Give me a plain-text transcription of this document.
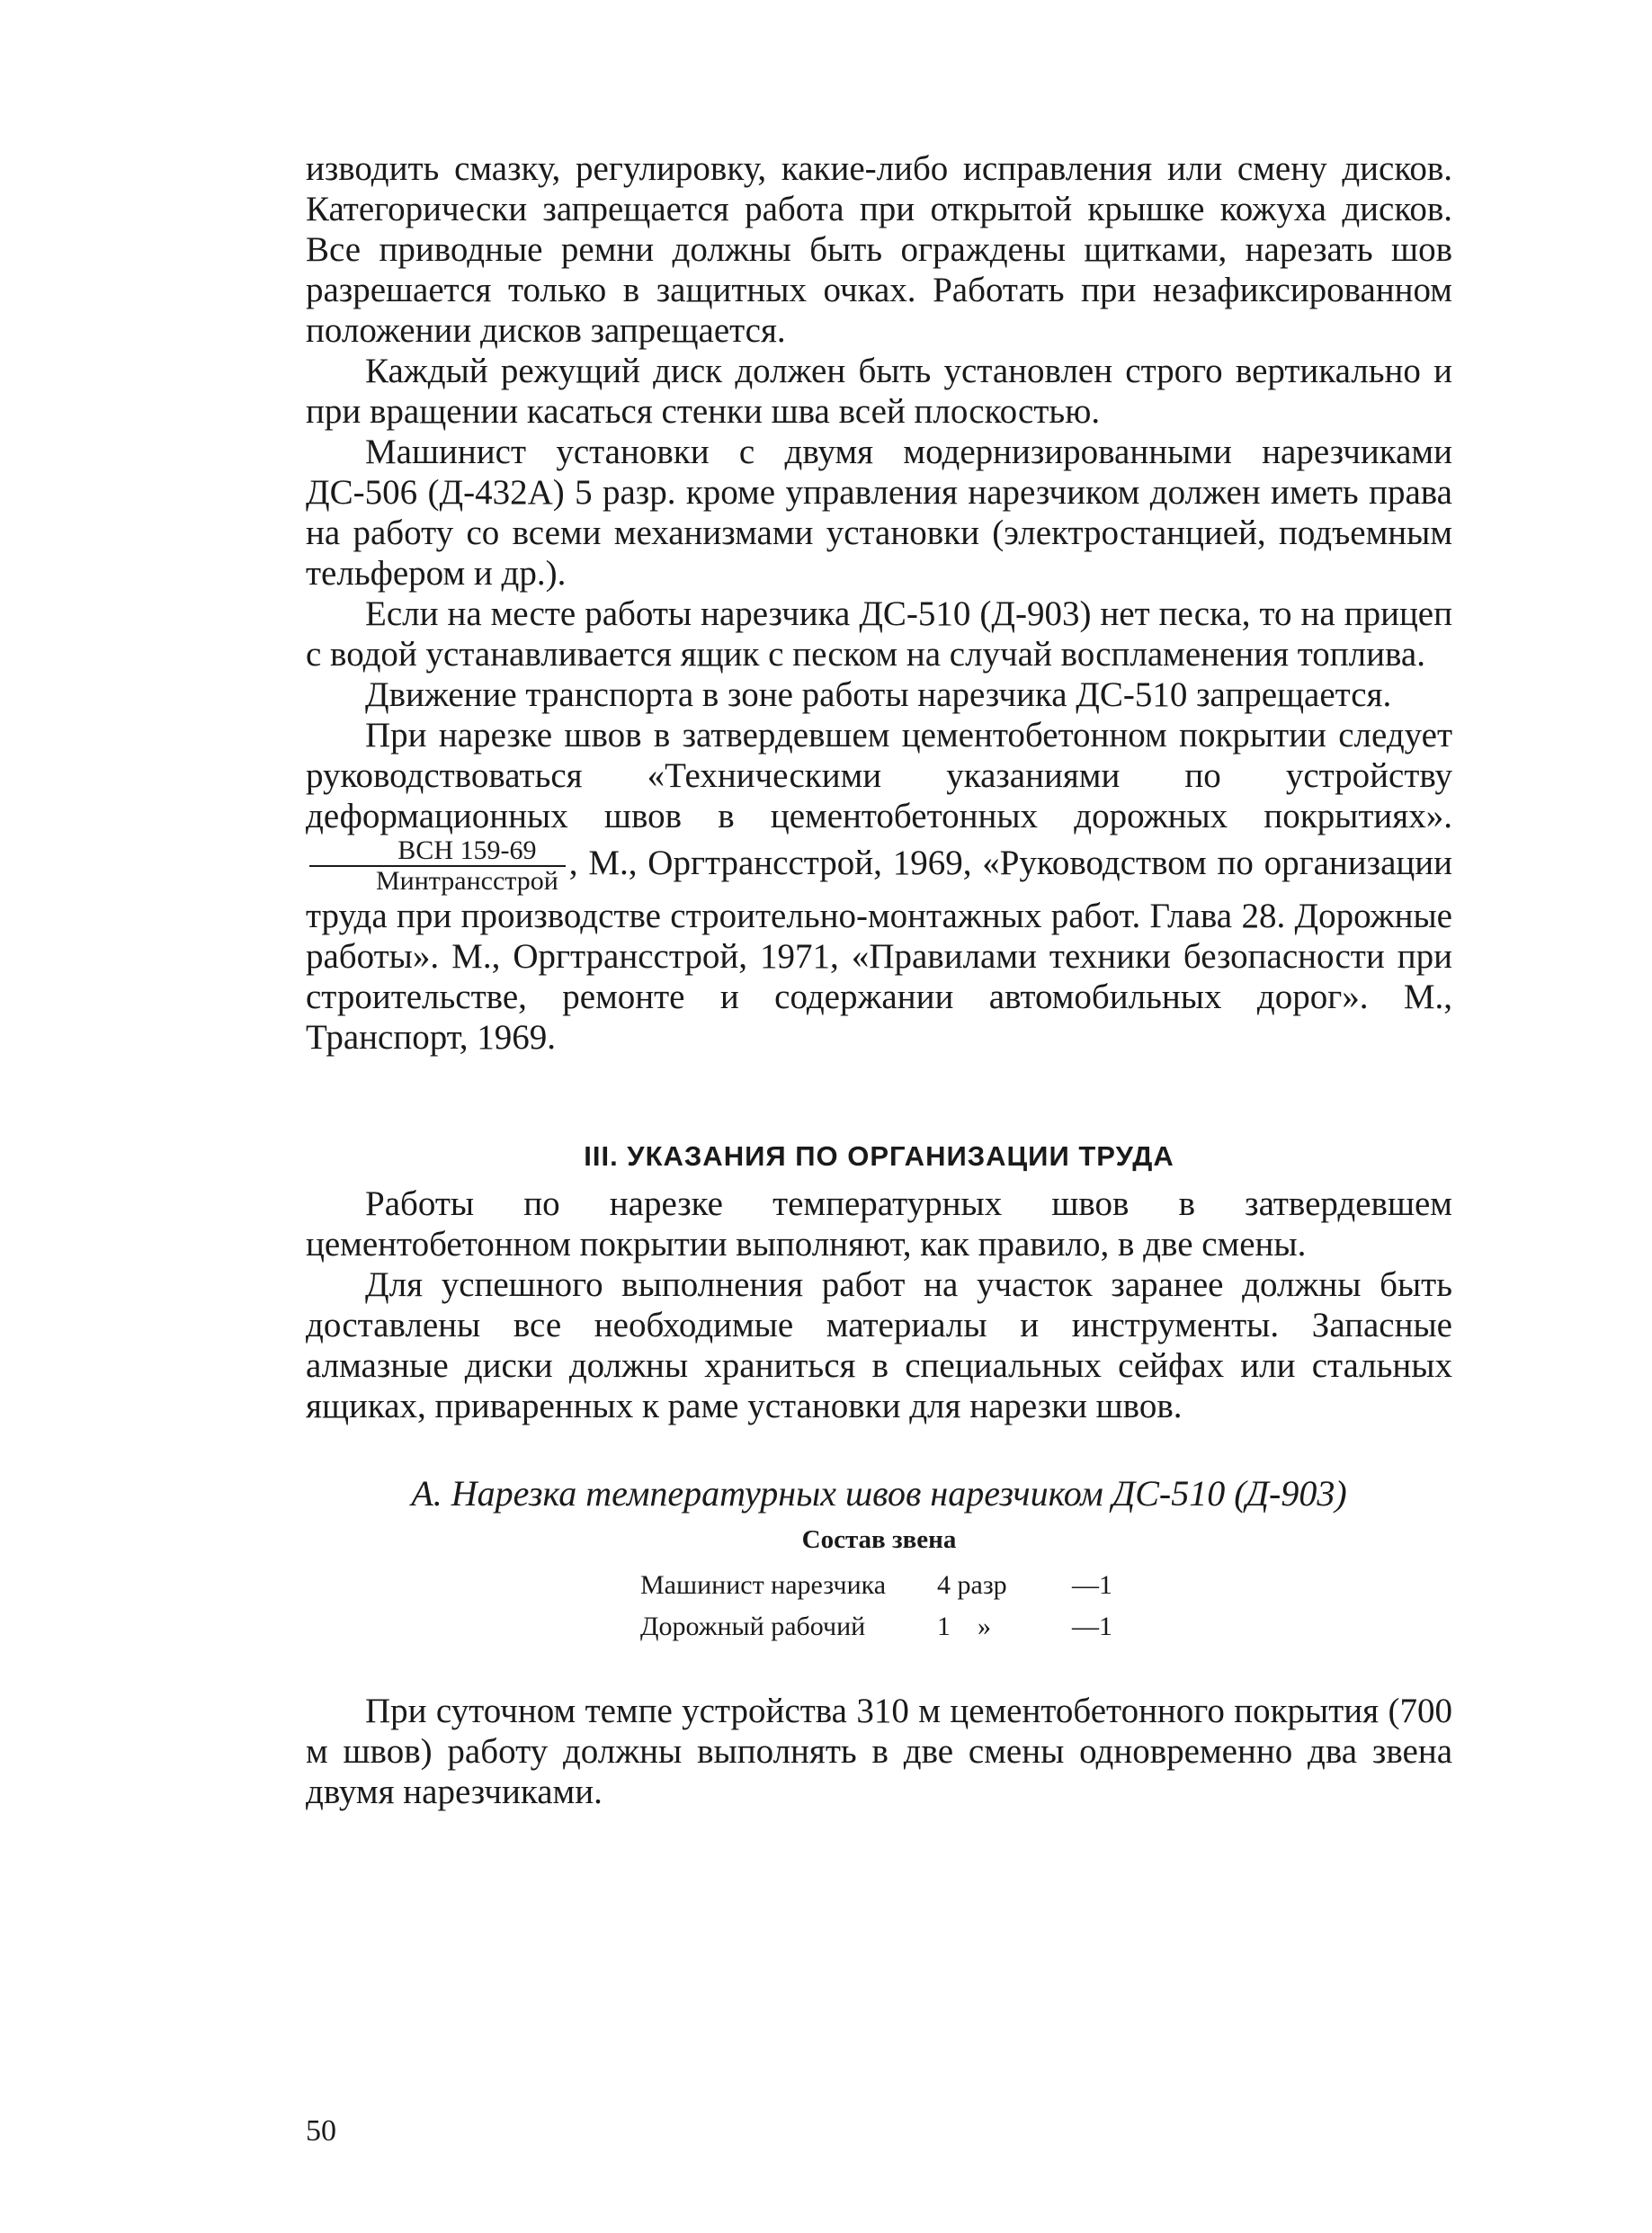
изводить смазку, регулировку, какие-либо исправления или смену дисков. Категорически запрещается работа при открытой крышке кожуха дисков. Все приводные ремни должны быть ограждены щитками, нарезать шов разрешается только в защитных очках. Работать при незафиксированном положении дисков запрещается.

Каждый режущий диск должен быть установлен строго вертикально и при вращении касаться стенки шва всей плоскостью.

Машинист установки с двумя модернизированными нарезчиками ДС-506 (Д-432А) 5 разр. кроме управления нарезчиком должен иметь права на работу со всеми механизмами установки (электростанцией, подъемным тельфером и др.).

Если на месте работы нарезчика ДС-510 (Д-903) нет песка, то на прицеп с водой устанавливается ящик с песком на случай воспламенения топлива.

Движение транспорта в зоне работы нарезчика ДС-510 запрещается.

При нарезке швов в затвердевшем цементобетонном покрытии следует руководствоваться «Техническими указаниями по устройству деформационных швов в цементобетонных дорожных покрытиях».
$\frac{\text{ВСН 159-69}}{\text{Минтрансстрой}}$ , М., Оргтрансстрой, 1969, «Руководством по организации труда при производстве строительно-монтажных работ. Глава 28. Дорожные работы». М., Оргтрансстрой, 1971, «Правилами техники безопасности при строительстве, ремонте и содержании автомобильных дорог». М., Транспорт, 1969.

III. УКАЗАНИЯ ПО ОРГАНИЗАЦИИ ТРУДА

Работы по нарезке температурных швов в затвердевшем цементобетонном покрытии выполняют, как правило, в две смены.

Для успешного выполнения работ на участок заранее должны быть доставлены все необходимые материалы и инструменты. Запасные алмазные диски должны храниться в специальных сейфах или стальных ящиках, приваренных к раме установки для нарезки швов.

А. Нарезка температурных швов нарезчиком ДС-510 (Д-903)
Состав звена
Машинист нарезчика	4 разр	—1
Дорожный рабочий	1    »	—1

При суточном темпе устройства 310 м цементобетонного покрытия (700 м швов) работу должны выполнять в две смены одновременно два звена двумя нарезчиками.

50
